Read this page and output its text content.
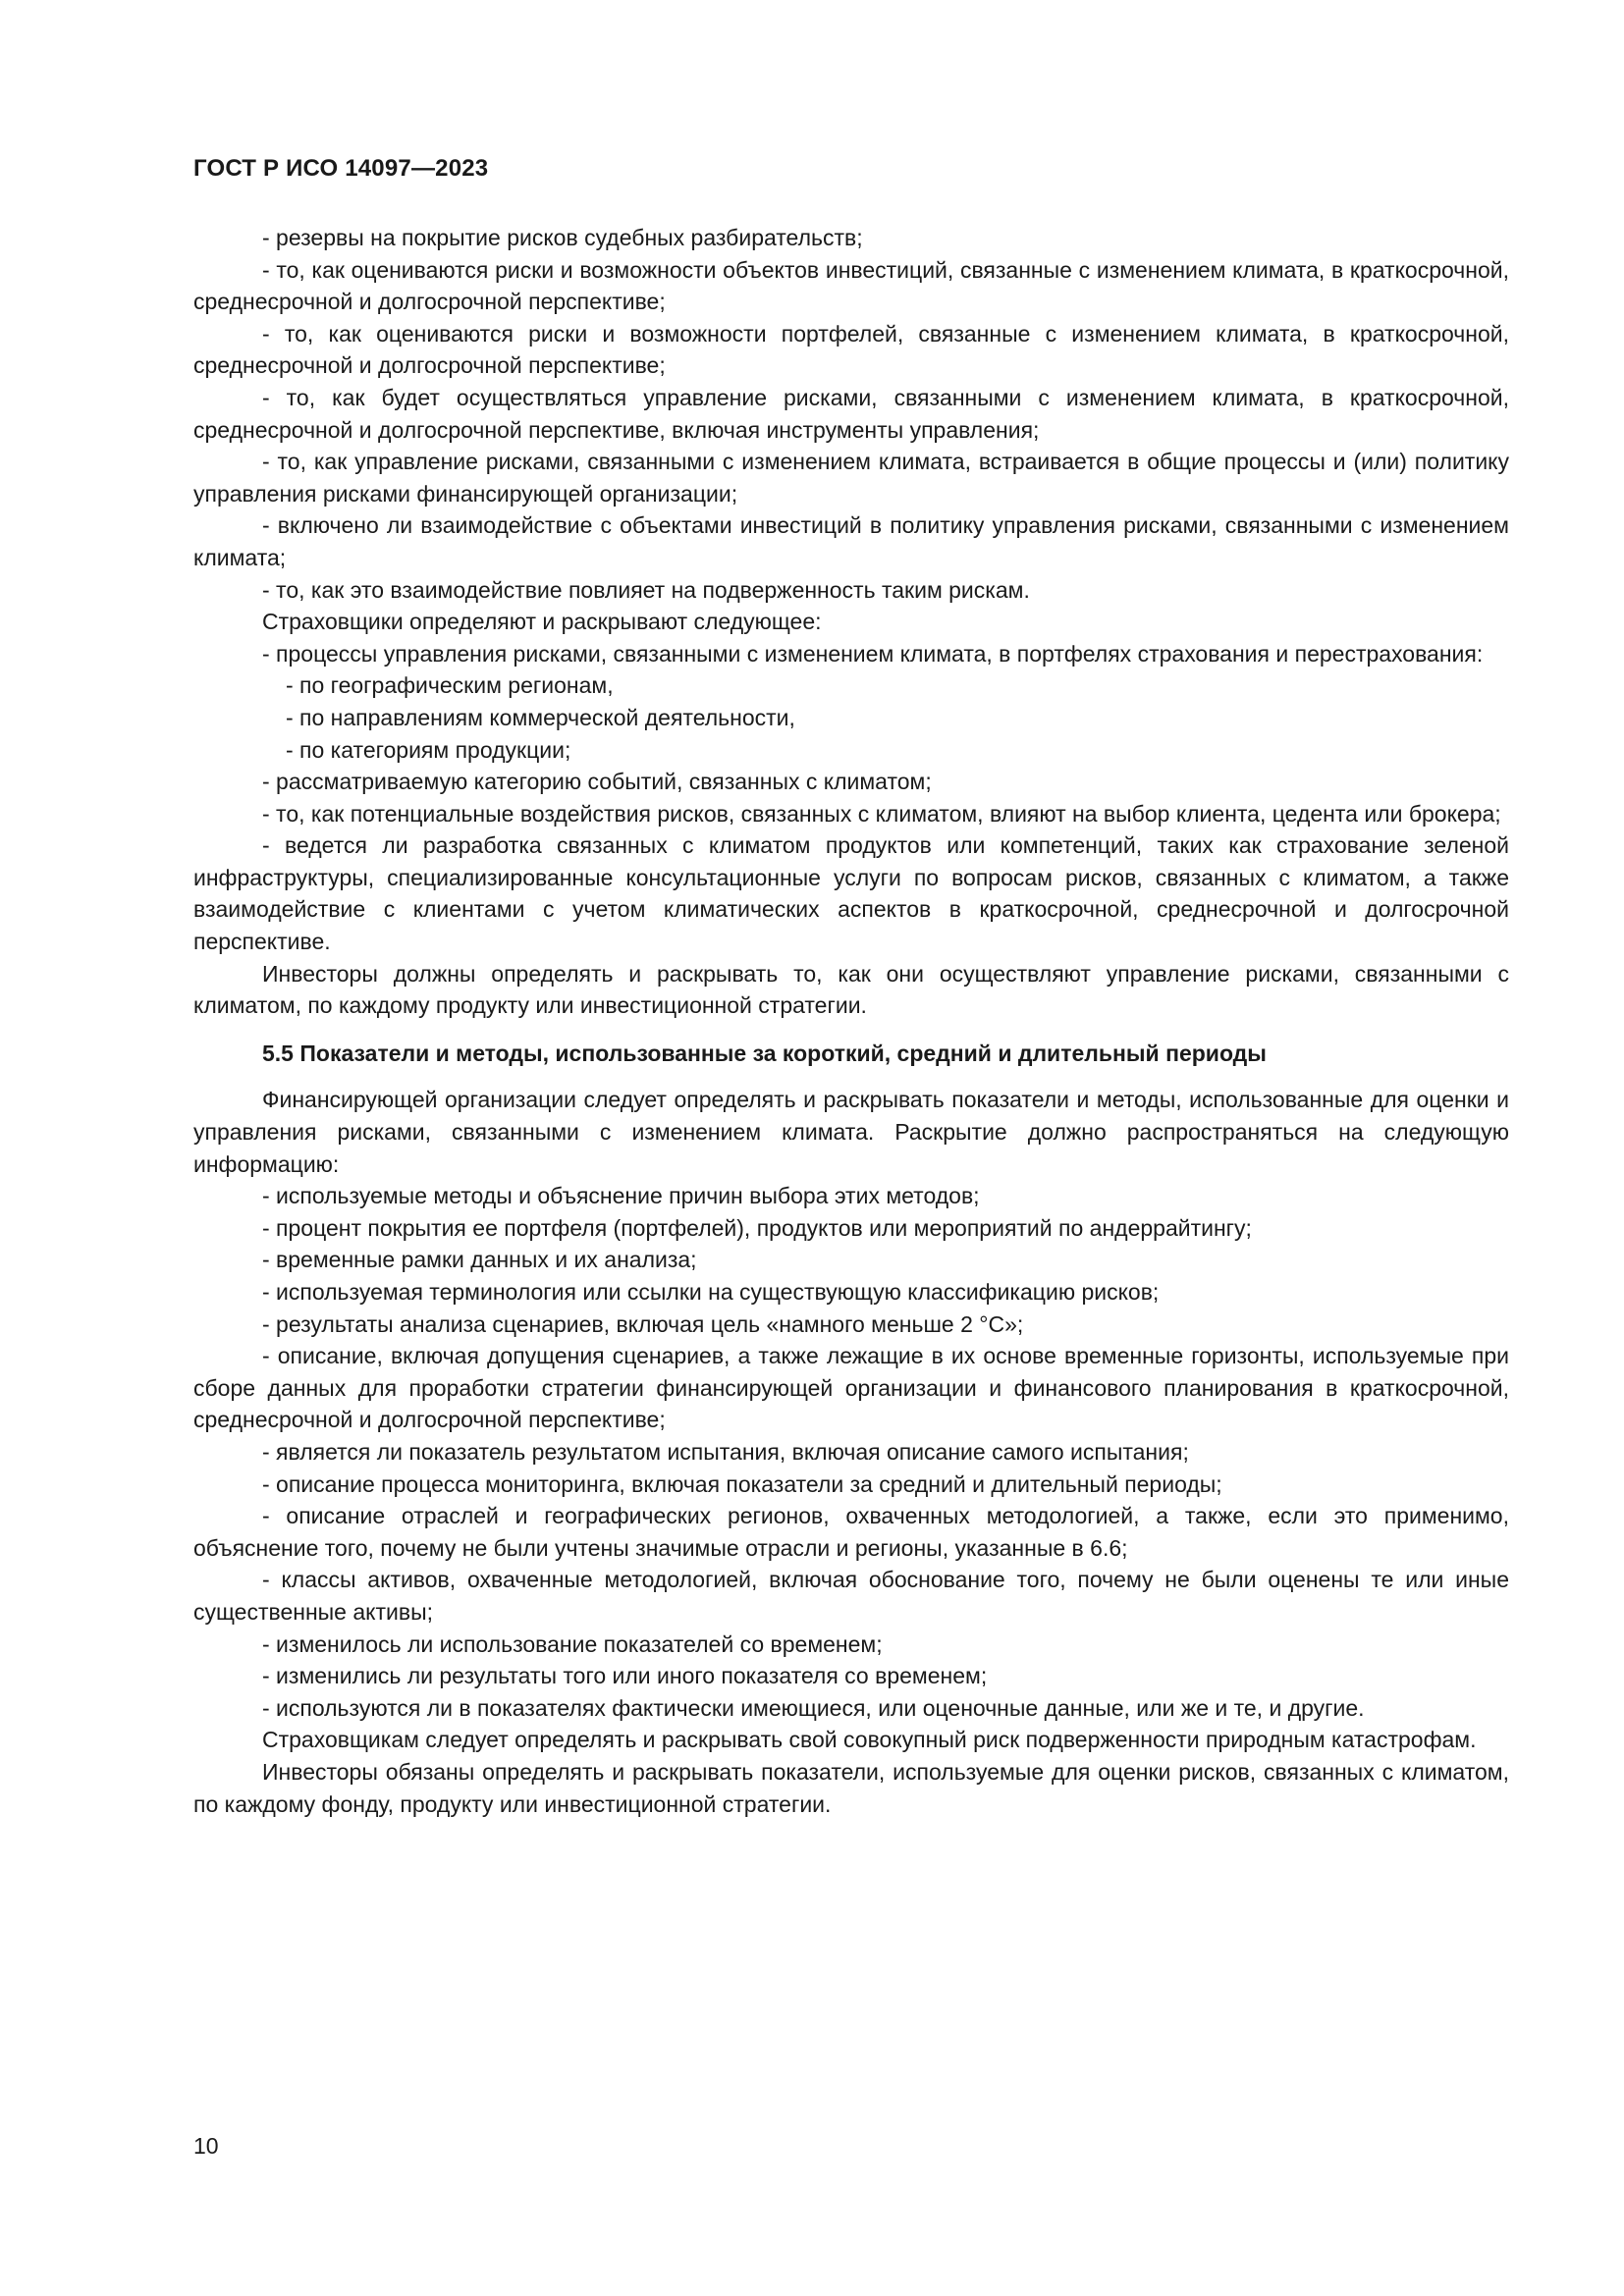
ГОСТ Р ИСО 14097—2023
- резервы на покрытие рисков судебных разбирательств;
- то, как оцениваются риски и возможности объектов инвестиций, связанные с изменением климата, в краткосрочной, среднесрочной и долгосрочной перспективе;
- то, как оцениваются риски и возможности портфелей, связанные с изменением климата, в краткосрочной, среднесрочной и долгосрочной перспективе;
- то, как будет осуществляться управление рисками, связанными с изменением климата, в краткосрочной, среднесрочной и долгосрочной перспективе, включая инструменты управления;
- то, как управление рисками, связанными с изменением климата, встраивается в общие процессы и (или) политику управления рисками финансирующей организации;
- включено ли взаимодействие с объектами инвестиций в политику управления рисками, связанными с изменением климата;
- то, как это взаимодействие повлияет на подверженность таким рискам.
Страховщики определяют и раскрывают следующее:
- процессы управления рисками, связанными с изменением климата, в портфелях страхования и перестрахования:
- по географическим регионам,
- по направлениям коммерческой деятельности,
- по категориям продукции;
- рассматриваемую категорию событий, связанных с климатом;
- то, как потенциальные воздействия рисков, связанных с климатом, влияют на выбор клиента, цедента или брокера;
- ведется ли разработка связанных с климатом продуктов или компетенций, таких как страхование зеленой инфраструктуры, специализированные консультационные услуги по вопросам рисков, связанных с климатом, а также взаимодействие с клиентами с учетом климатических аспектов в краткосрочной, среднесрочной и долгосрочной перспективе.
Инвесторы должны определять и раскрывать то, как они осуществляют управление рисками, связанными с климатом, по каждому продукту или инвестиционной стратегии.
5.5 Показатели и методы, использованные за короткий, средний и длительный периоды
Финансирующей организации следует определять и раскрывать показатели и методы, использованные для оценки и управления рисками, связанными с изменением климата. Раскрытие должно распространяться на следующую информацию:
- используемые методы и объяснение причин выбора этих методов;
- процент покрытия ее портфеля (портфелей), продуктов или мероприятий по андеррайтингу;
- временные рамки данных и их анализа;
- используемая терминология или ссылки на существующую классификацию рисков;
- результаты анализа сценариев, включая цель «намного меньше 2 °С»;
- описание, включая допущения сценариев, а также лежащие в их основе временные горизонты, используемые при сборе данных для проработки стратегии финансирующей организации и финансового планирования в краткосрочной, среднесрочной и долгосрочной перспективе;
- является ли показатель результатом испытания, включая описание самого испытания;
- описание процесса мониторинга, включая показатели за средний и длительный периоды;
- описание отраслей и географических регионов, охваченных методологией, а также, если это применимо, объяснение того, почему не были учтены значимые отрасли и регионы, указанные в 6.6;
- классы активов, охваченные методологией, включая обоснование того, почему не были оценены те или иные существенные активы;
- изменилось ли использование показателей со временем;
- изменились ли результаты того или иного показателя со временем;
- используются ли в показателях фактически имеющиеся, или оценочные данные, или же и те, и другие.
Страховщикам следует определять и раскрывать свой совокупный риск подверженности природным катастрофам.
Инвесторы обязаны определять и раскрывать показатели, используемые для оценки рисков, связанных с климатом, по каждому фонду, продукту или инвестиционной стратегии.
10
